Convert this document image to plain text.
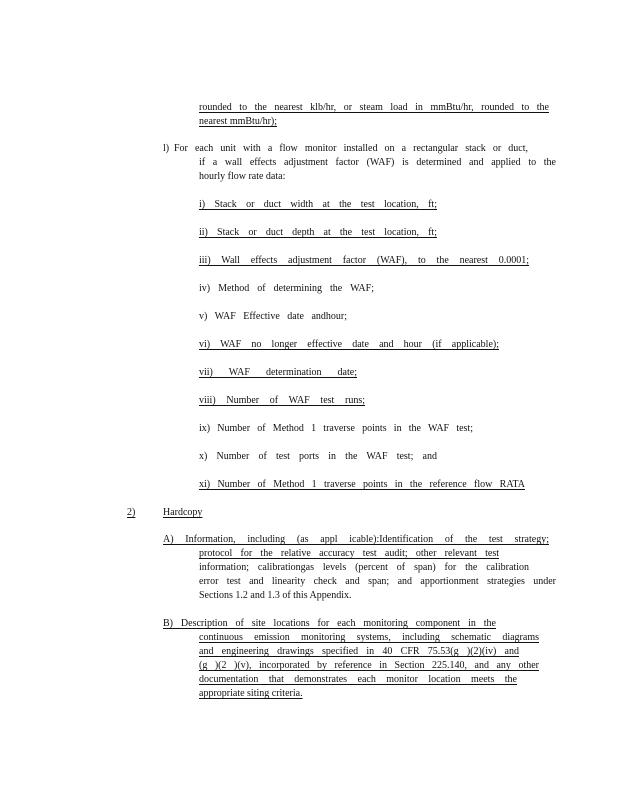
rounded to the nearest klb/hr, or steam load in mmBtu/hr, rounded to the
nearest mmBtu/hr);
l) For each unit with a flow monitor installed on a rectangular stack or duct,
if a wall effects adjustment factor (WAF) is determined and applied to the
hourly flow rate data:
i) Stack or duct width at the test location, ft;
ii) Stack or duct depth at the test location, ft;
iii) Wall effects adjustment factor (WAF), to the nearest 0.0001;
iv) Method of determining the WAF;
v) WAF Effective date andhour;
vi) WAF no longer effective date and hour (if applicable);
vii) WAF determination date;
viii) Number of WAF test runs;
ix) Number of Method 1 traverse points in the WAF test;
x) Number of test ports in the WAF test; and
xi) Number of Method 1 traverse points in the reference flow RATA
2)	Hardcopy
A) Information, including (as appl icable):Identification of the test strategy;
protocol for the relative accuracy test audit; other relevant test
information; calibrationgas levels (percent of span) for the calibration
error test and linearity check and span; and apportionment strategies under
Sections 1.2 and 1.3 of this Appendix.
B) Description of site locations for each monitoring component in the
continuous emission monitoring systems, including schematic diagrams
and engineering drawings specified in 40 CFR 75.53(g )(2)(iv) and
(g )(2 )(v), incorporated by reference in Section 225.140, and any other
documentation that demonstrates each monitor location meets the
appropriate siting criteria.
